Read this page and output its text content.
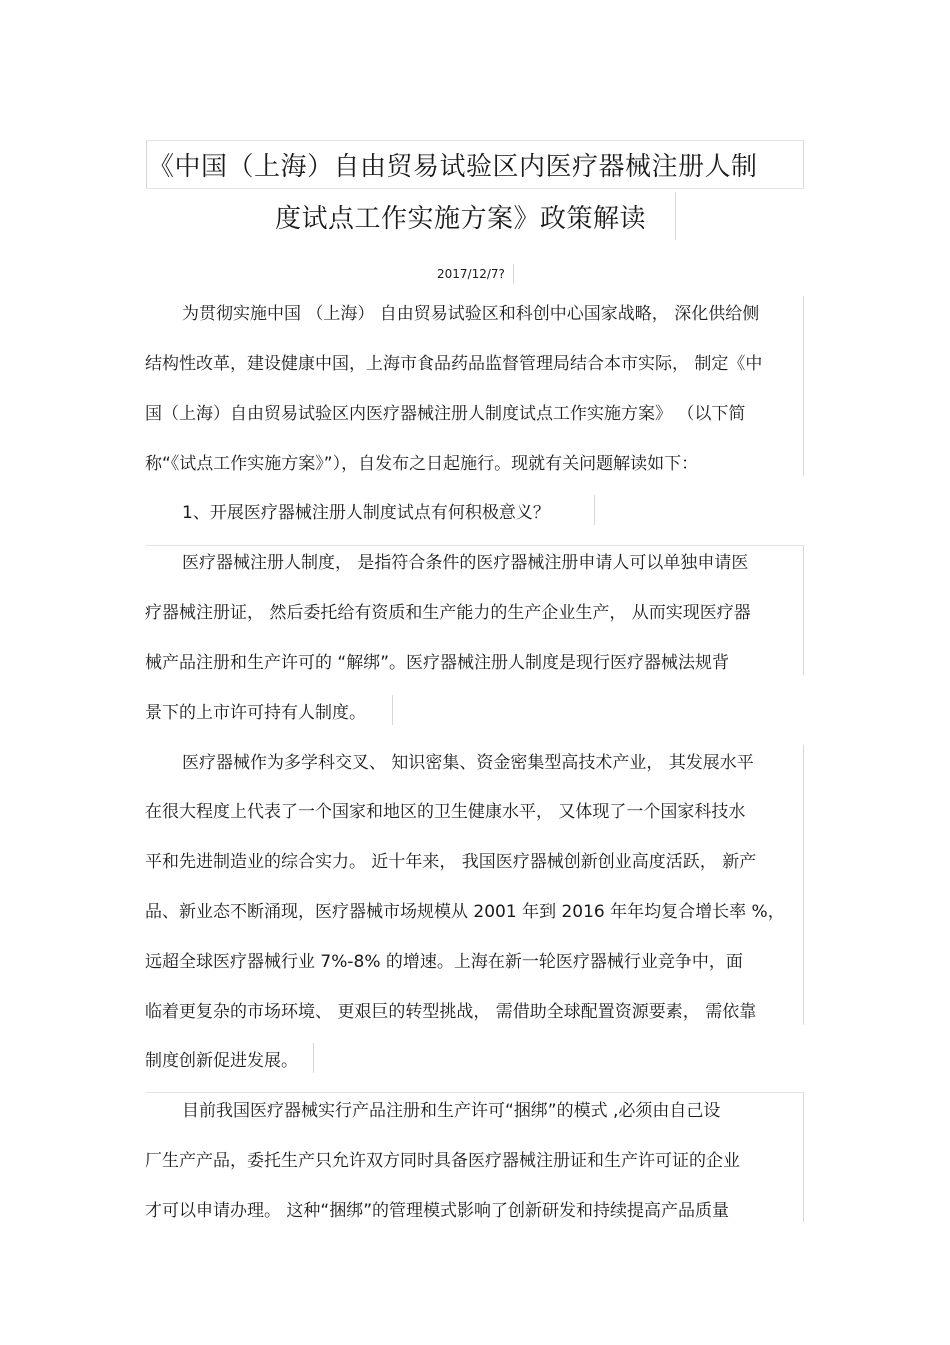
《中国（上海）自由贸易试验区内医疗器械注册人制
度试点工作实施方案》政策解读
2017/12/7?
为贯彻实施中国 （上海） 自由贸易试验区和科创中心国家战略， 深化供给侧
结构性改革，建设健康中国，上海市食品药品监督管理局结合本市实际， 制定《中
国（上海）自由贸易试验区内医疗器械注册人制度试点工作实施方案》 （以下简
称“《试点工作实施方案》”），自发布之日起施行。现就有关问题解读如下：
1、开展医疗器械注册人制度试点有何积极意义？
医疗器械注册人制度， 是指符合条件的医疗器械注册申请人可以单独申请医
疗器械注册证， 然后委托给有资质和生产能力的生产企业生产， 从而实现医疗器
械产品注册和生产许可的 “解绑”。医疗器械注册人制度是现行医疗器械法规背
景下的上市许可持有人制度。
医疗器械作为多学科交叉、 知识密集、资金密集型高技术产业， 其发展水平
在很大程度上代表了一个国家和地区的卫生健康水平， 又体现了一个国家科技水
平和先进制造业的综合实力。 近十年来， 我国医疗器械创新创业高度活跃， 新产
品、新业态不断涌现，医疗器械市场规模从 2001 年到 2016 年年均复合增长率 %，
远超全球医疗器械行业 7%-8% 的增速。上海在新一轮医疗器械行业竞争中，面
临着更复杂的市场环境、 更艰巨的转型挑战， 需借助全球配置资源要素， 需依靠
制度创新促进发展。
目前我国医疗器械实行产品注册和生产许可“捆绑”的模式 ,必须由自己设
厂生产产品，委托生产只允许双方同时具备医疗器械注册证和生产许可证的企业
才可以申请办理。 这种“捆绑”的管理模式影响了创新研发和持续提高产品质量
